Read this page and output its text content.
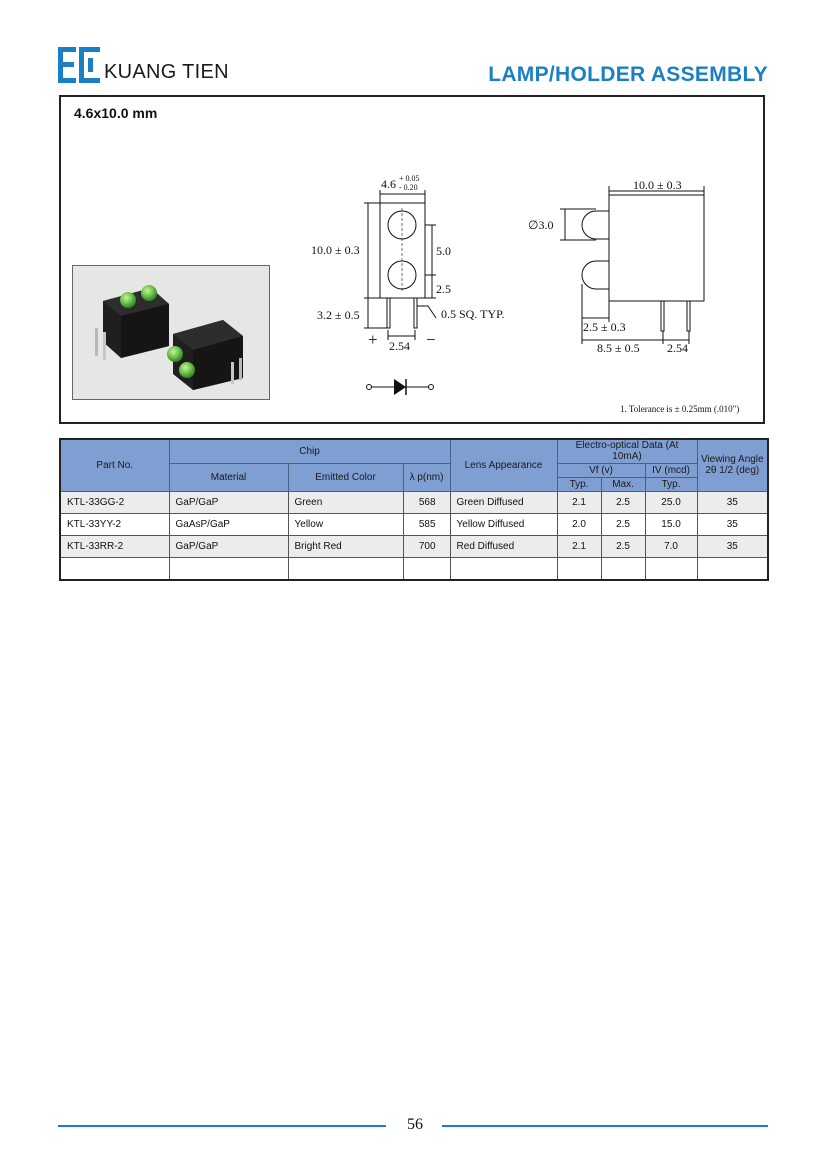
KUANG TIEN	LAMP/HOLDER ASSEMBLY
4.6x10.0 mm
4.6 + 0.05
- 0.20
10.0 ± 0.3	5.0
2.5
3.2 ± 0.5	0.5 SQ. TYP.
+	−
2.54
10.0 ± 0.3
∅3.0
2.5 ± 0.3
8.5 ± 0.5 2.54
1. Tolerance is ± 0.25mm (.010")
Part No.	Chip			Lens Appearance	Electro-optical Data (At 10mA)			Viewing Angle 2θ 1/2 (deg)
	Material	Emitted Color	λ p(nm)		Vf (v)		IV (mcd)	
					Typ.	Max.	Typ.	
KTL-33GG-2	GaP/GaP	Green	568	Green Diffused	2.1	2.5	25.0	35
KTL-33YY-2	GaAsP/GaP	Yellow	585	Yellow Diffused	2.0	2.5	15.0	35
KTL-33RR-2	GaP/GaP	Bright Red	700	Red Diffused	2.1	2.5	7.0	35

56
